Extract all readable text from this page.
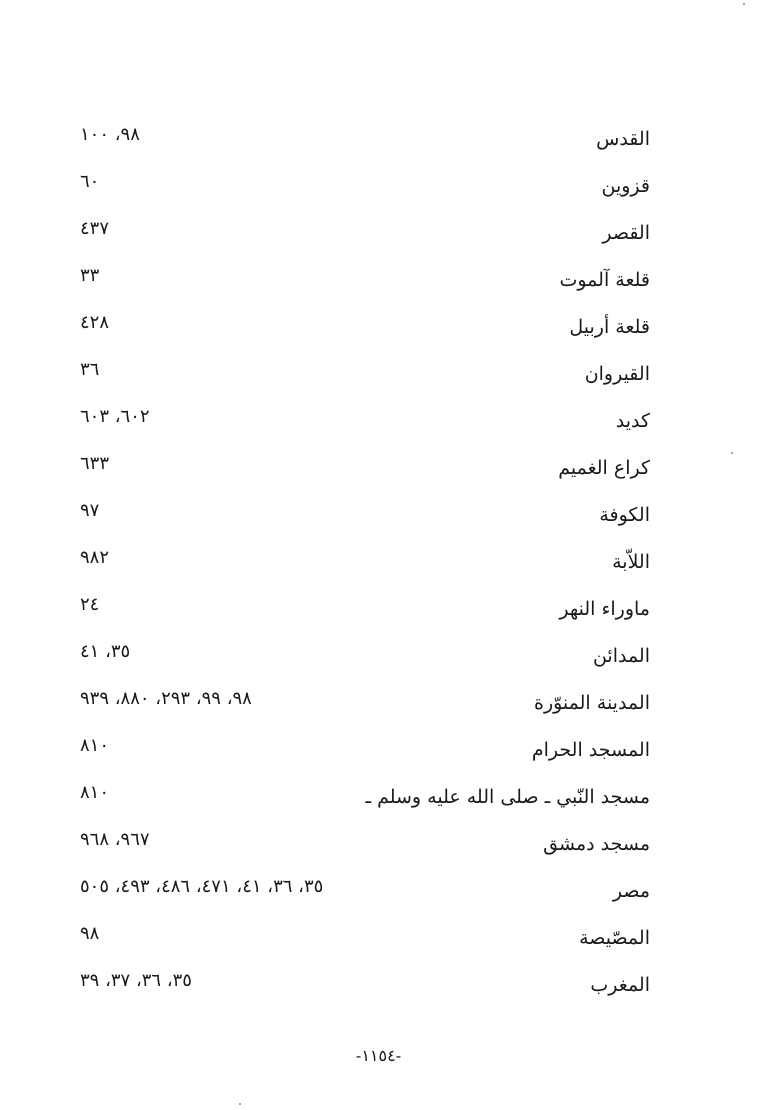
القدس
٩٨، ١٠٠
قزوين
٦٠
القصر
٤٣٧
قلعة آلموت
٣٣
قلعة أربيل
٤٢٨
القيروان
٣٦
كديد
٦٠٢، ٦٠٣
كراع الغميم
٦٣٣
الكوفة
٩٧
اللاّبة
٩٨٢
ماوراء النهر
٢٤
المدائن
٣٥، ٤١
المدينة المنوّرة
٩٨، ٩٩، ٢٩٣، ٨٨٠، ٩٣٩
المسجد الحرام
٨١٠
مسجد النّبي ـ صلى الله عليه وسلم ـ
٨١٠
مسجد دمشق
٩٦٧، ٩٦٨
مصر
٣٥، ٣٦، ٤١، ٤٧١، ٤٨٦، ٤٩٣، ٥٠٥
المصّيصة
٩٨
المغرب
٣٥، ٣٦، ٣٧، ٣٩
-١١٥٤-
